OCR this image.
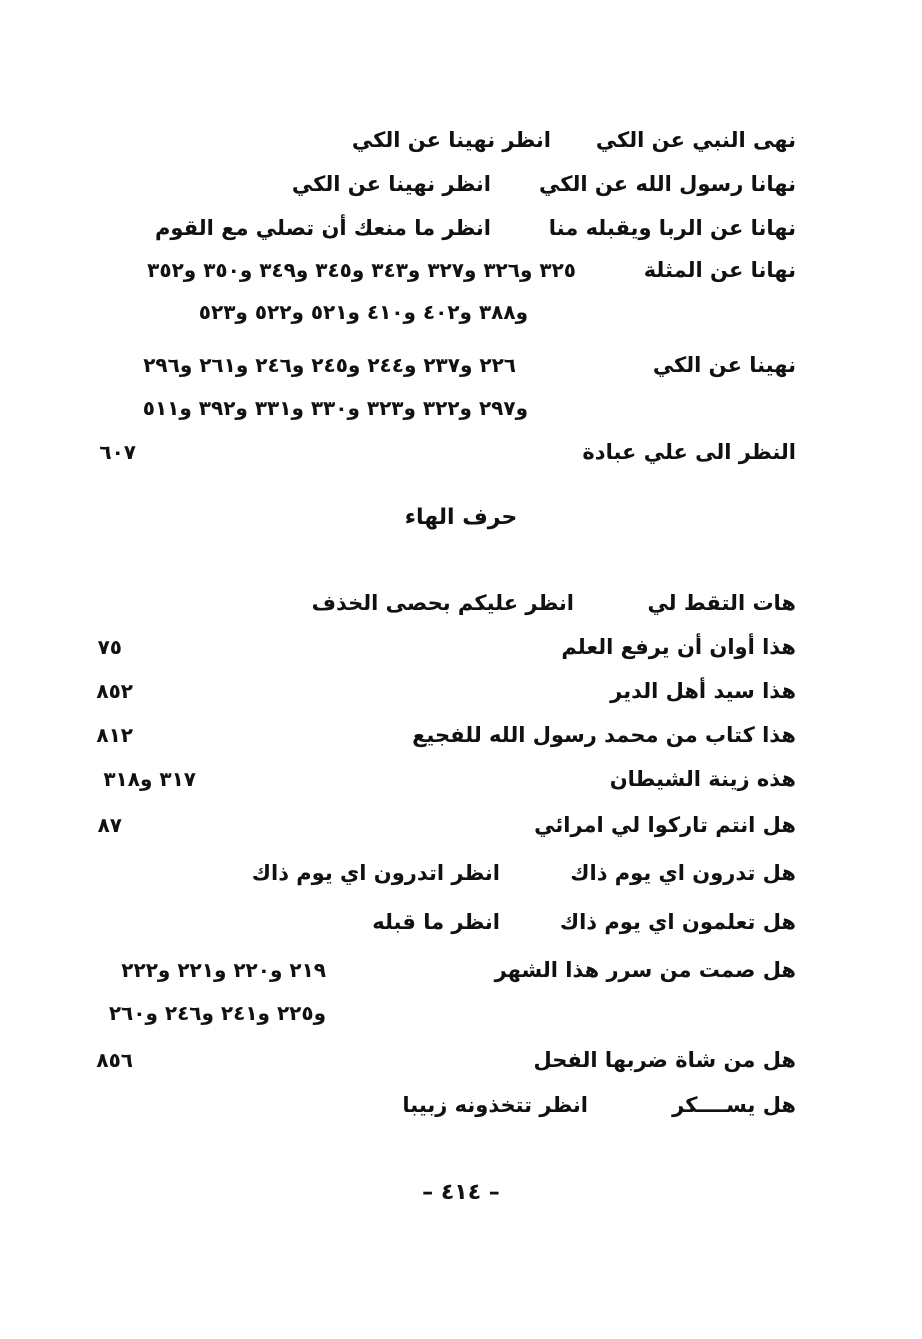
نهى النبي عن الكي
انظر نهينا عن الكي
نهانا رسول الله عن الكي
انظر نهينا عن الكي
نهانا عن الربا ويقبله منا
انظر ما منعك أن تصلي مع القوم
نهانا عن المثلة
٣٢٥ و٣٢٦ و٣٢٧ و٣٤٣ و٣٤٥ و٣٤٩ و٣٥٠ و٣٥٢
و٣٨٨ و٤٠٢ و٤١٠ و٥٢١ و٥٢٢ و٥٢٣
نهينا عن الكي
٢٢٦ و٢٣٧ و٢٤٤ و٢٤٥ و٢٤٦ و٢٦١ و٢٩٦
و٢٩٧ و٣٢٢ و٣٢٣ و٣٣٠ و٣٣١ و٣٩٢ و٥١١
النظر الى علي عبادة
٦٠٧
حرف الهاء
هات التقط لي
انظر عليكم بحصى الخذف
هذا أوان أن يرفع العلم
٧٥
هذا سيد أهل الدير
٨٥٢
هذا كتاب من محمد رسول الله للفجيع
٨١٢
هذه زينة الشيطان
٣١٧ و٣١٨
هل انتم تاركوا لي امرائي
٨٧
هل تدرون اي يوم ذاك
انظر اتدرون اي يوم ذاك
هل تعلمون اي يوم ذاك
انظر ما قبله
هل صمت من سرر هذا الشهر
٢١٩ و٢٢٠ و٢٢١ و٢٢٢
و٢٢٥ و٢٤١ و٢٤٦ و٢٦٠
هل من شاة ضربها الفحل
٨٥٦
هل يســــكر
انظر تتخذونه زبيبا
– ٤١٤ –
